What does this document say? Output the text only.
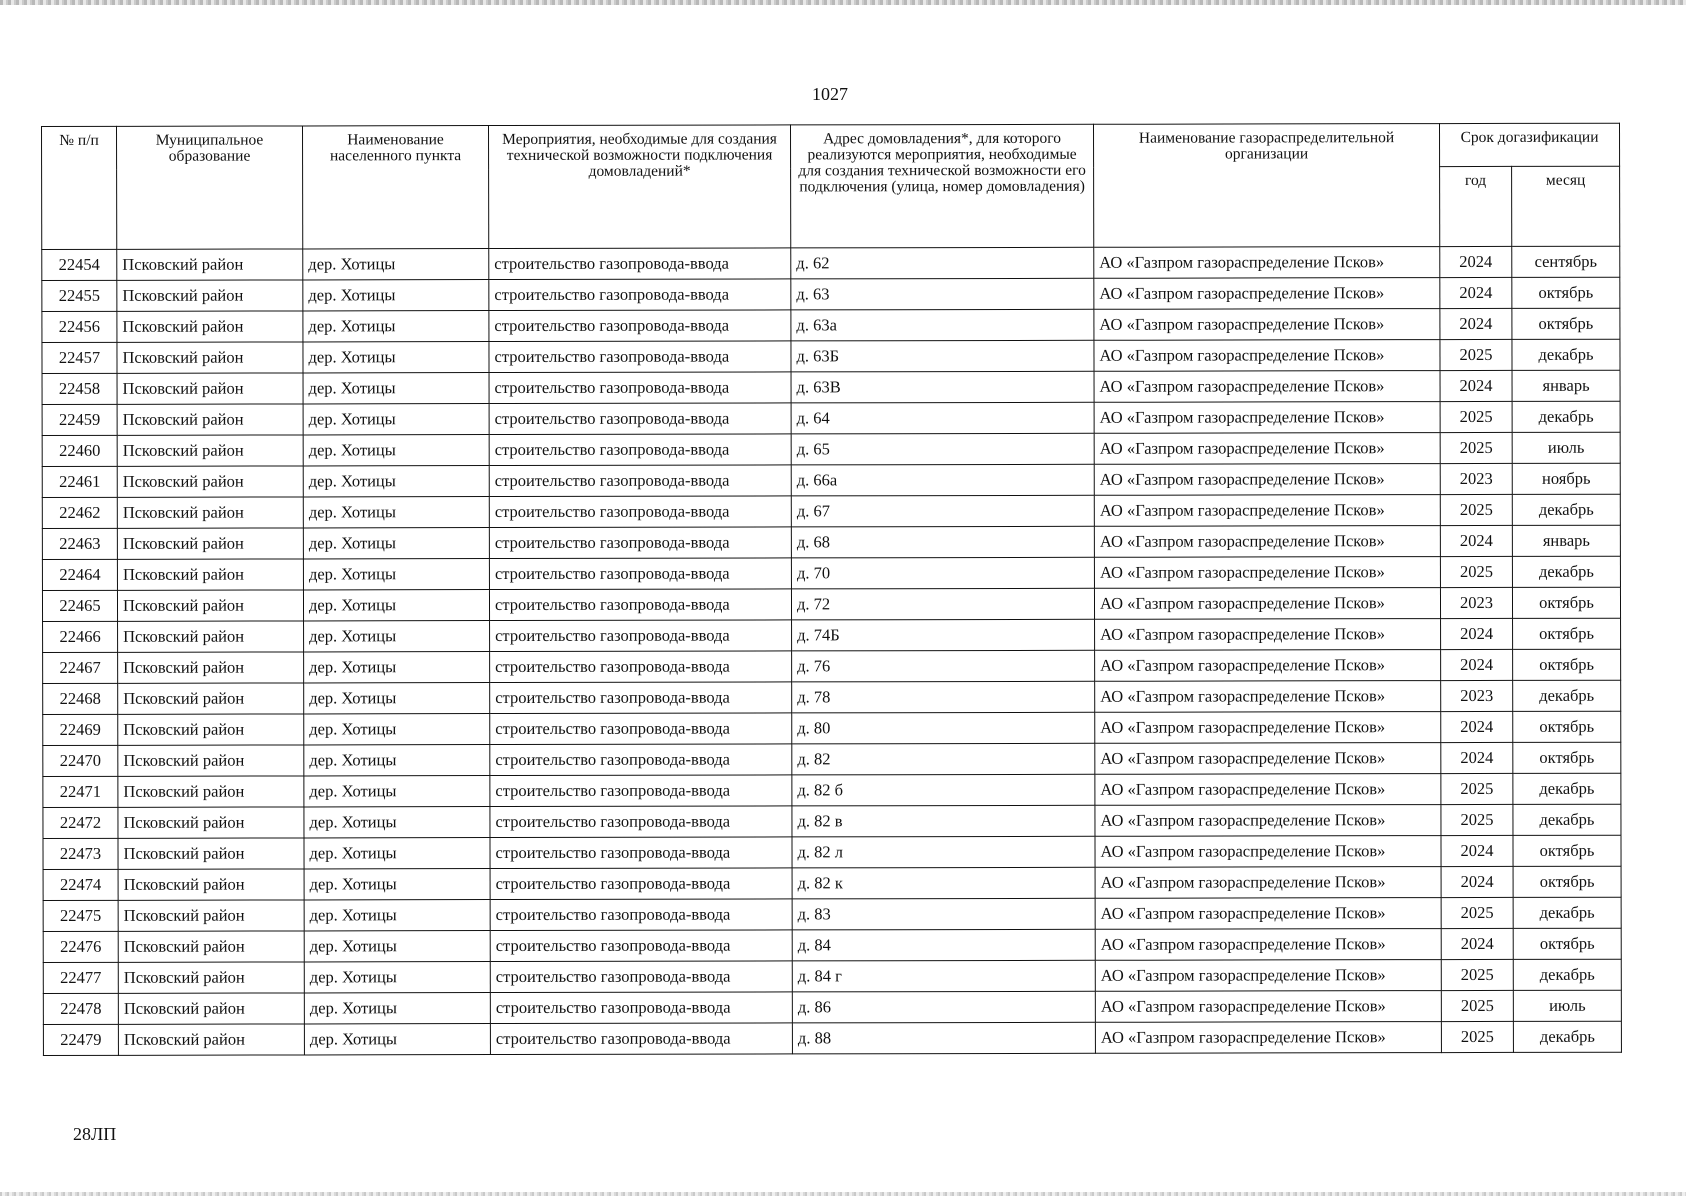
1027
№ п/п	Муниципальное образование	Наименование населенного пункта	Мероприятия, необходимые для создания технической возможности подключения домовладений*	Адрес домовладения*, для которого реализуются мероприятия, необходимые для создания технической возможности его подключения (улица, номер домовладения)	Наименование газораспределительной организации	Срок догазификации	
						год	месяц
22454	Псковский район	дер. Хотицы	строительство газопровода-ввода	д. 62	АО «Газпром газораспределение Псков»	2024	сентябрь
22455	Псковский район	дер. Хотицы	строительство газопровода-ввода	д. 63	АО «Газпром газораспределение Псков»	2024	октябрь
22456	Псковский район	дер. Хотицы	строительство газопровода-ввода	д. 63а	АО «Газпром газораспределение Псков»	2024	октябрь
22457	Псковский район	дер. Хотицы	строительство газопровода-ввода	д. 63Б	АО «Газпром газораспределение Псков»	2025	декабрь
22458	Псковский район	дер. Хотицы	строительство газопровода-ввода	д. 63В	АО «Газпром газораспределение Псков»	2024	январь
22459	Псковский район	дер. Хотицы	строительство газопровода-ввода	д. 64	АО «Газпром газораспределение Псков»	2025	декабрь
22460	Псковский район	дер. Хотицы	строительство газопровода-ввода	д. 65	АО «Газпром газораспределение Псков»	2025	июль
22461	Псковский район	дер. Хотицы	строительство газопровода-ввода	д. 66а	АО «Газпром газораспределение Псков»	2023	ноябрь
22462	Псковский район	дер. Хотицы	строительство газопровода-ввода	д. 67	АО «Газпром газораспределение Псков»	2025	декабрь
22463	Псковский район	дер. Хотицы	строительство газопровода-ввода	д. 68	АО «Газпром газораспределение Псков»	2024	январь
22464	Псковский район	дер. Хотицы	строительство газопровода-ввода	д. 70	АО «Газпром газораспределение Псков»	2025	декабрь
22465	Псковский район	дер. Хотицы	строительство газопровода-ввода	д. 72	АО «Газпром газораспределение Псков»	2023	октябрь
22466	Псковский район	дер. Хотицы	строительство газопровода-ввода	д. 74Б	АО «Газпром газораспределение Псков»	2024	октябрь
22467	Псковский район	дер. Хотицы	строительство газопровода-ввода	д. 76	АО «Газпром газораспределение Псков»	2024	октябрь
22468	Псковский район	дер. Хотицы	строительство газопровода-ввода	д. 78	АО «Газпром газораспределение Псков»	2023	декабрь
22469	Псковский район	дер. Хотицы	строительство газопровода-ввода	д. 80	АО «Газпром газораспределение Псков»	2024	октябрь
22470	Псковский район	дер. Хотицы	строительство газопровода-ввода	д. 82	АО «Газпром газораспределение Псков»	2024	октябрь
22471	Псковский район	дер. Хотицы	строительство газопровода-ввода	д. 82 б	АО «Газпром газораспределение Псков»	2025	декабрь
22472	Псковский район	дер. Хотицы	строительство газопровода-ввода	д. 82 в	АО «Газпром газораспределение Псков»	2025	декабрь
22473	Псковский район	дер. Хотицы	строительство газопровода-ввода	д. 82 л	АО «Газпром газораспределение Псков»	2024	октябрь
22474	Псковский район	дер. Хотицы	строительство газопровода-ввода	д. 82 к	АО «Газпром газораспределение Псков»	2024	октябрь
22475	Псковский район	дер. Хотицы	строительство газопровода-ввода	д. 83	АО «Газпром газораспределение Псков»	2025	декабрь
22476	Псковский район	дер. Хотицы	строительство газопровода-ввода	д. 84	АО «Газпром газораспределение Псков»	2024	октябрь
22477	Псковский район	дер. Хотицы	строительство газопровода-ввода	д. 84 г	АО «Газпром газораспределение Псков»	2025	декабрь
22478	Псковский район	дер. Хотицы	строительство газопровода-ввода	д. 86	АО «Газпром газораспределение Псков»	2025	июль
22479	Псковский район	дер. Хотицы	строительство газопровода-ввода	д. 88	АО «Газпром газораспределение Псков»	2025	декабрь
28ЛП
